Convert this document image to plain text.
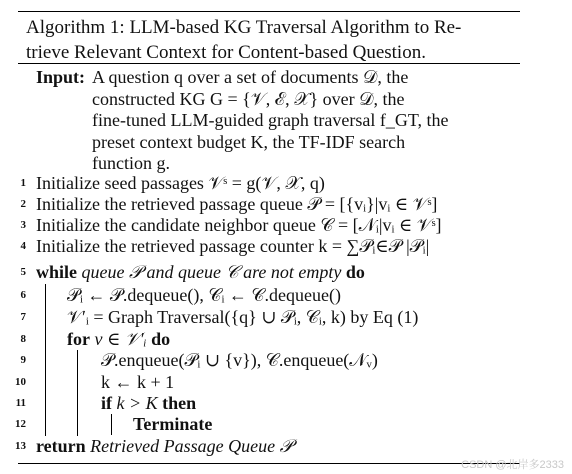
Algorithm 1: LLM-based KG Traversal Algorithm to Re-
trieve Relevant Context for Content-based Question.
Input: A question q over a set of documents 𝒟, the
constructed KG G = {𝒱, ℰ, 𝒳} over 𝒟, the
fine-tuned LLM-guided graph traversal f_GT, the
preset context budget K, the TF-IDF search
function g.
1 Initialize seed passages 𝒱ˢ = g(𝒱, 𝒳, q)
2 Initialize the retrieved passage queue 𝒫 = [{vᵢ}|vᵢ ∈ 𝒱ˢ]
3 Initialize the candidate neighbor queue 𝒞 = [𝒩ᵢ|vᵢ ∈ 𝒱ˢ]
4 Initialize the retrieved passage counter k = ∑𝒫ᵢ∈𝒫 |𝒫ᵢ|
5 while queue 𝒫 and queue 𝒞 are not empty do
6 𝒫ᵢ ← 𝒫.dequeue(), 𝒞ᵢ ← 𝒞.dequeue()
7 𝒱′ᵢ = Graph Traversal({q} ∪ 𝒫ᵢ, 𝒞ᵢ, k) by Eq (1)
8 for v ∈ 𝒱′ᵢ do
9	𝒫.enqueue(𝒫ᵢ ∪ {v}), 𝒞.enqueue(𝒩ᵥ)
10	k ← k + 1
11	if k > K then
12	Terminate
13 return Retrieved Passage Queue 𝒫
CSDN @北岸多2333
